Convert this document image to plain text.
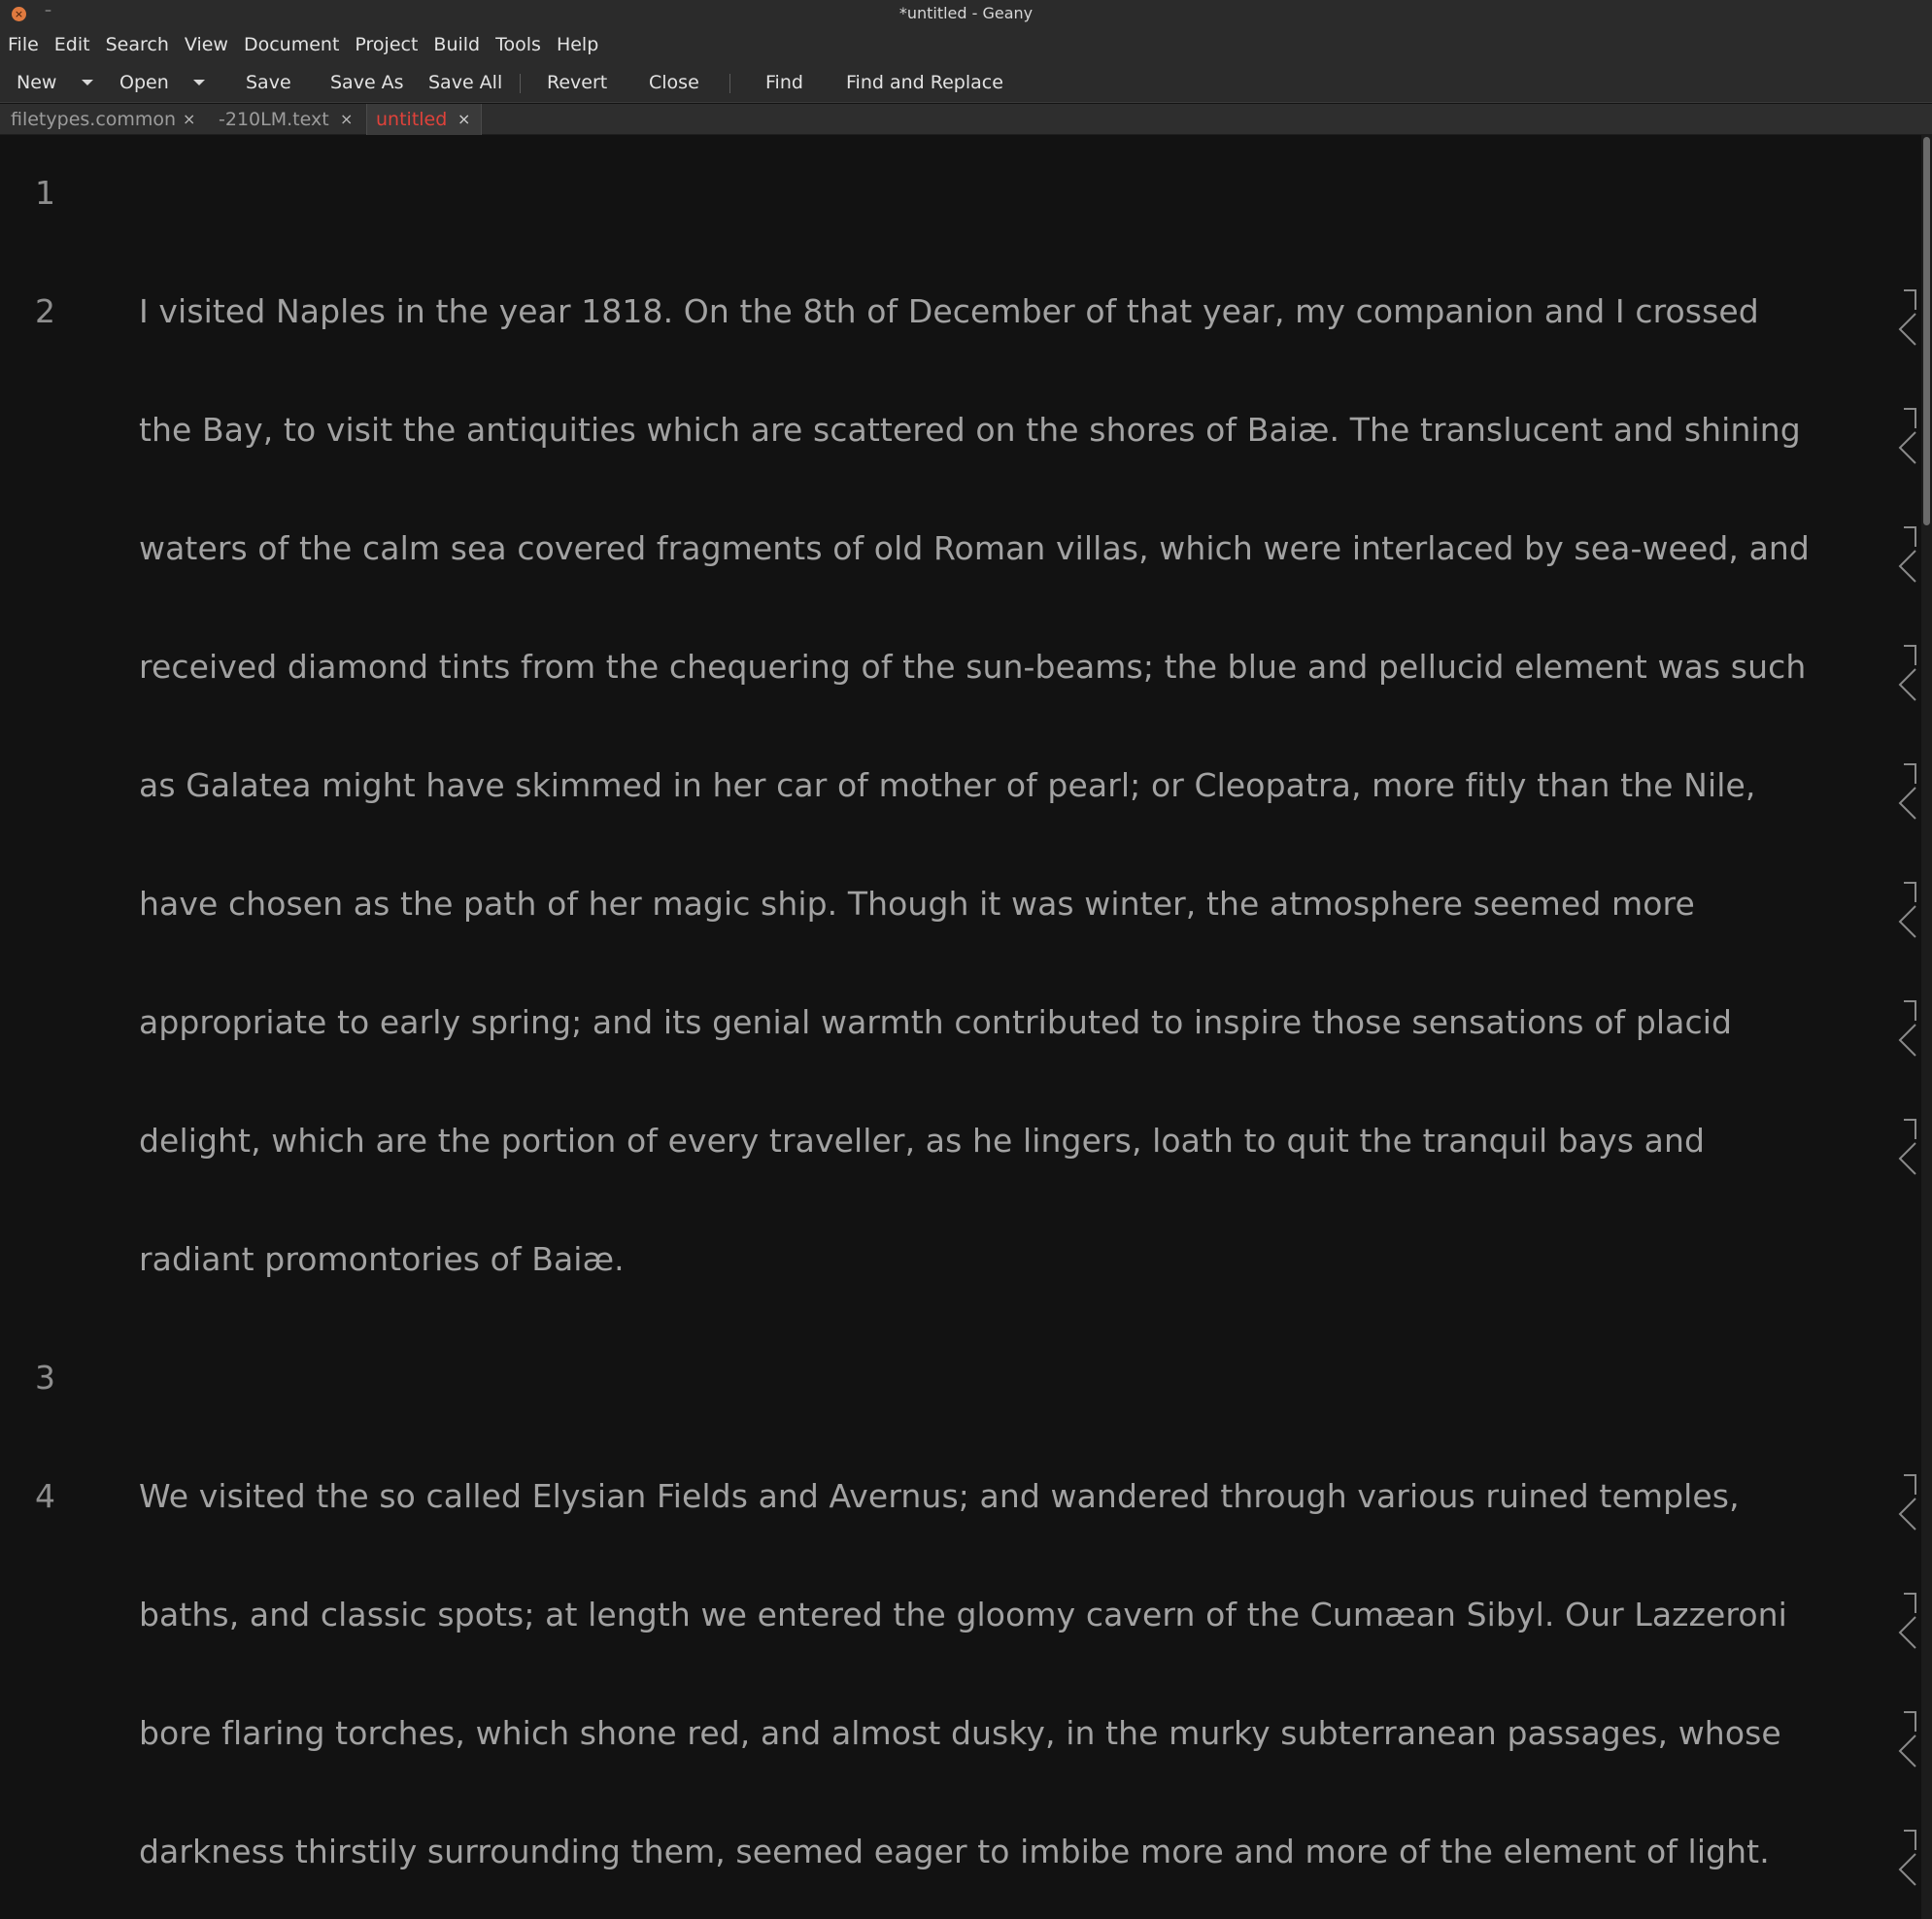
× –	*untitled - Geany
File Edit Search View Document Project Build Tools Help
New	Open	Save Save As Save All Revert Close	Find Find and Replace
filetypes.common × -210LM.text × untitled ×
1
2
3
4
I visited Naples in the year 1818. On the 8th of December of that year, my companion and I crossed
the Bay, to visit the antiquities which are scattered on the shores of Baiæ. The translucent and shining
waters of the calm sea covered fragments of old Roman villas, which were interlaced by sea-weed, and
received diamond tints from the chequering of the sun-beams; the blue and pellucid element was such
as Galatea might have skimmed in her car of mother of pearl; or Cleopatra, more fitly than the Nile,
have chosen as the path of her magic ship. Though it was winter, the atmosphere seemed more
appropriate to early spring; and its genial warmth contributed to inspire those sensations of placid
delight, which are the portion of every traveller, as he lingers, loath to quit the tranquil bays and
radiant promontories of Baiæ.
We visited the so called Elysian Fields and Avernus; and wandered through various ruined temples,
baths, and classic spots; at length we entered the gloomy cavern of the Cumæan Sibyl. Our Lazzeroni
bore flaring torches, which shone red, and almost dusky, in the murky subterranean passages, whose
darkness thirstily surrounding them, seemed eager to imbibe more and more of the element of light.
